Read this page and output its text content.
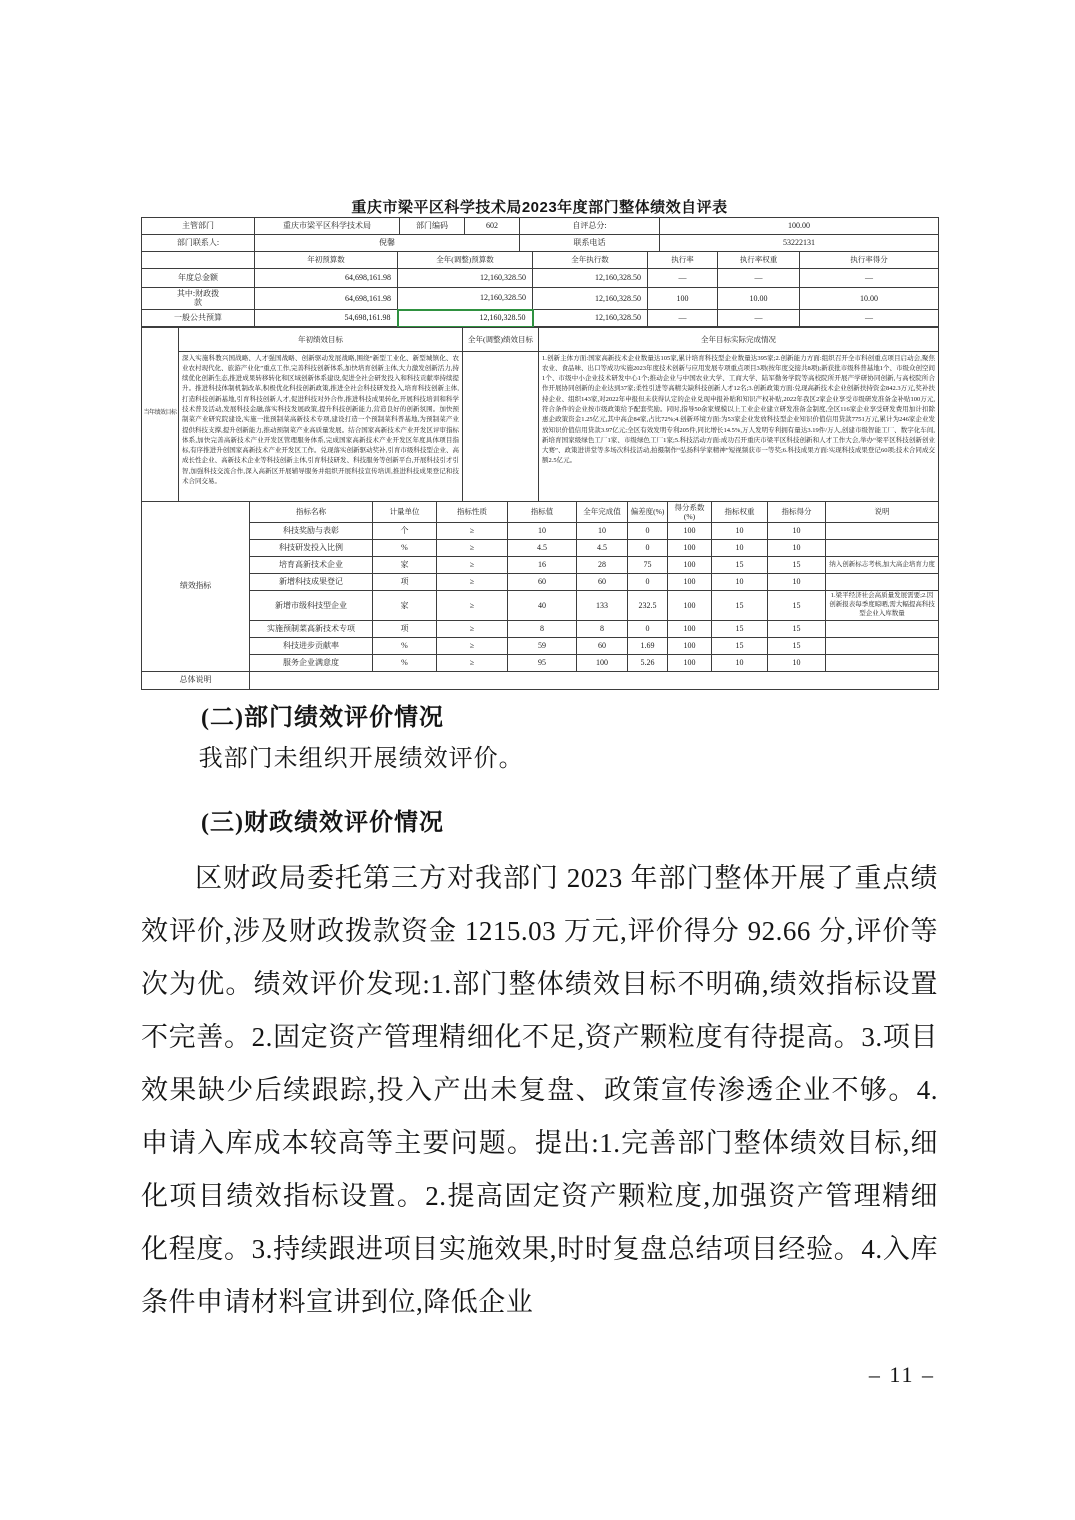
重庆市梁平区科学技术局2023年度部门整体绩效自评表
主管部门	重庆市梁平区科学技术局	部门编码	602	自评总分:	100.00
部门联系人:	倪馨			联系电话	53222131
	年初预算数	全年(调整)预算数	全年执行数	执行率	执行率权重	执行率得分
年度总金额	64,698,161.98	12,160,328.50	12,160,328.50	—	—	—
其中:财政拨款	64,698,161.98	12,160,328.50	12,160,328.50	100	10.00	10.00
一般公共预算	54,698,161.98	12,160,328.50	12,160,328.50	—	—	—
当年绩效目标	年初绩效目标	全年(调整)绩效目标	全年目标实际完成情况
深入实施科教兴国战略、人才强国战略、创新驱动发展战略,围绕“新型工业化、新型城镇化、农业农村现代化、旅游产业化”重点工作,完善科技创新体系,加快培育创新主体,大力激发创新活力,持续优化创新生态,推进成果转移转化和区域创新体系建设,促进全社会研发投入和科技贡献率持续提升。推进科技体制机制改革,积极优化科技创新政策,推进全社会科技研发投入,培育科技创新主体,打造科技创新基地,引育科技创新人才,促进科技对外合作,推进科技成果转化,开展科技培训和科学技术普及活动,发展科技金融,落实科技发展政策,提升科技创新能力,营造良好的创新氛围。加快预制菜产业研究院建设,实施一批预制菜高新技术专项,建设打造一个预制菜科普基地,为预制菜产业提供科技支撑,提升创新能力,推动预制菜产业高质量发展。结合国家高新技术产业开发区评审指标体系,加快完善高新技术产业开发区管理服务体系,完成国家高新技术产业开发区年度具体项目指标,有序推进升创国家高新技术产业开发区工作。兑现落实创新驱动奖补,引育市级科技型企业、高成长性企业、高新技术企业等科技创新主体,引育科技研发、科技服务等创新平台,开展科技引才引智,加强科技交流合作,深入高新区开展辅导服务并组织开展科技宣传培训,推进科技成果登记和技术合同交易。		1.创新主体方面:国家高新技术企业数量达105家,累计培育科技型企业数量达395家;2.创新能力方面:组织召开全市科创重点项目启动会,聚焦农业、食品味、出口等成功实施2023年度技术创新与应用发展专项重点项目3项(按年度交接共8项);新获批市级科普基地1个、市级众创空间1个、市级中小企业技术研发中心1个;推动企业与中国农业大学、工商大学、陆军勤务学院等高校院所开展产学研协同创新,与高校院所合作开展协同创新的企业达到37家;柔性引进等高精尖缺科技创新人才12名;3.创新政策方面:兑现高新技术企业创新扶持资金842.3万元,奖补扶持企业、组织143家,对2022年申报但未获得认定的企业兑现申报补贴和知识产权补贴,2022年我区2家企业享受市级研发准备金补贴100万元,符合条件的企业按市级政策给予配套奖励。同时,指导50余家规模以上工业企业建立研发准备金制度,全区116家企业享受研发费用加计扣除惠企政策资金1.25亿元,其中高企84家,占比72%;4.创新环境方面:为53家企业发放科技型企业知识价值信用贷款7751万元,累计为246家企业发放知识价值信用贷款3.97亿元;全区有效发明专利205件,同比增长14.5%,万人发明专利拥有量达3.19件/万人,创建市级智能工厂、数字化车间,新培育国家级绿色工厂1家、市级绿色工厂1家;5.科技活动方面:成功召开重庆市梁平区科技创新和人才工作大会,举办“梁平区科技创新创业大赛”、政策进讲堂等多场次科技活动,拍摄制作“弘扬科学家精神”短视频获市一等奖;6.科技成果方面:实现科技成果登记60项;技术合同成交额2.5亿元。
绩效指标	指标名称	计量单位	指标性质	指标值	全年完成值	偏差度(%)	得分系数(%)	指标权重	指标得分	说明
	科技奖励与表彰	个	≥	10	10	0	100	10	10	
	科技研发投入比例	%	≥	4.5	4.5	0	100	10	10	
	培育高新技术企业	家	≥	16	28	75	100	15	15	纳入创新标志考核,加大高企培育力度
	新增科技成果登记	项	≥	60	60	0	100	10	10	
	新增市级科技型企业	家	≥	40	133	232.5	100	15	15	1.梁平经济社会高质量发展需要;2.因创新报表每季度晾晒,需大幅提高科技型企业入库数量
	实施预制菜高新技术专项	项	≥	8	8	0	100	15	15	
	科技进步贡献率	%	≥	59	60	1.69	100	15	15	
	服务企业满意度	%	≥	95	100	5.26	100	10	10	
总体说明	
(二)部门绩效评价情况
我部门未组织开展绩效评价。
(三)财政绩效评价情况
区财政局委托第三方对我部门 2023 年部门整体开展了重点绩效评价,涉及财政拨款资金 1215.03 万元,评价得分 92.66 分,评价等次为优。绩效评价发现:1.部门整体绩效目标不明确,绩效指标设置不完善。2.固定资产管理精细化不足,资产颗粒度有待提高。3.项目效果缺少后续跟踪,投入产出未复盘、政策宣传渗透企业不够。4.申请入库成本较高等主要问题。提出:1.完善部门整体绩效目标,细化项目绩效指标设置。2.提高固定资产颗粒度,加强资产管理精细化程度。3.持续跟进项目实施效果,时时复盘总结项目经验。4.入库条件申请材料宣讲到位,降低企业
– 11 –
